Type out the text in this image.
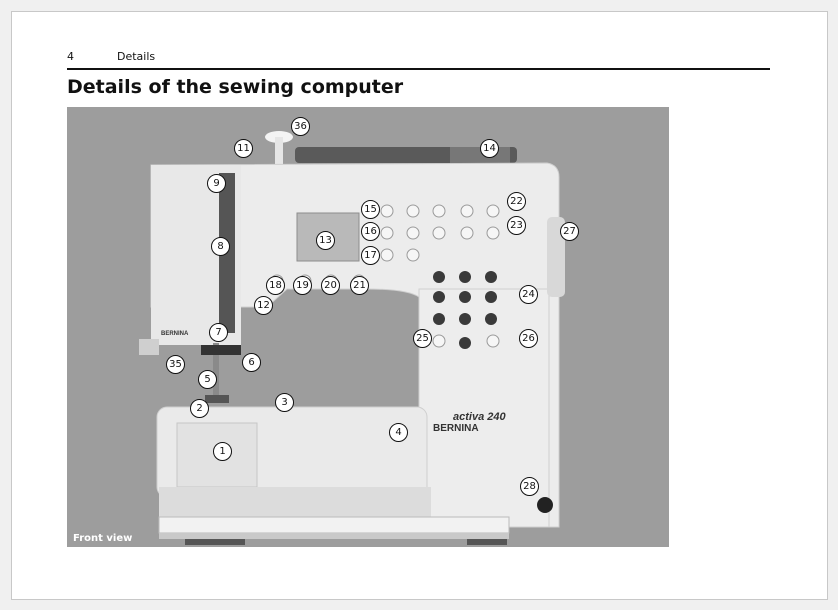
4	Details
Details of the sewing computer
activa 240
BERNINA
BERNINA
1
2
3
4
5
6
7
8
9
11
12
13
14
15
16
17
18	19	20	21
22
23
24
25	26
27
28
35
36
Front view
